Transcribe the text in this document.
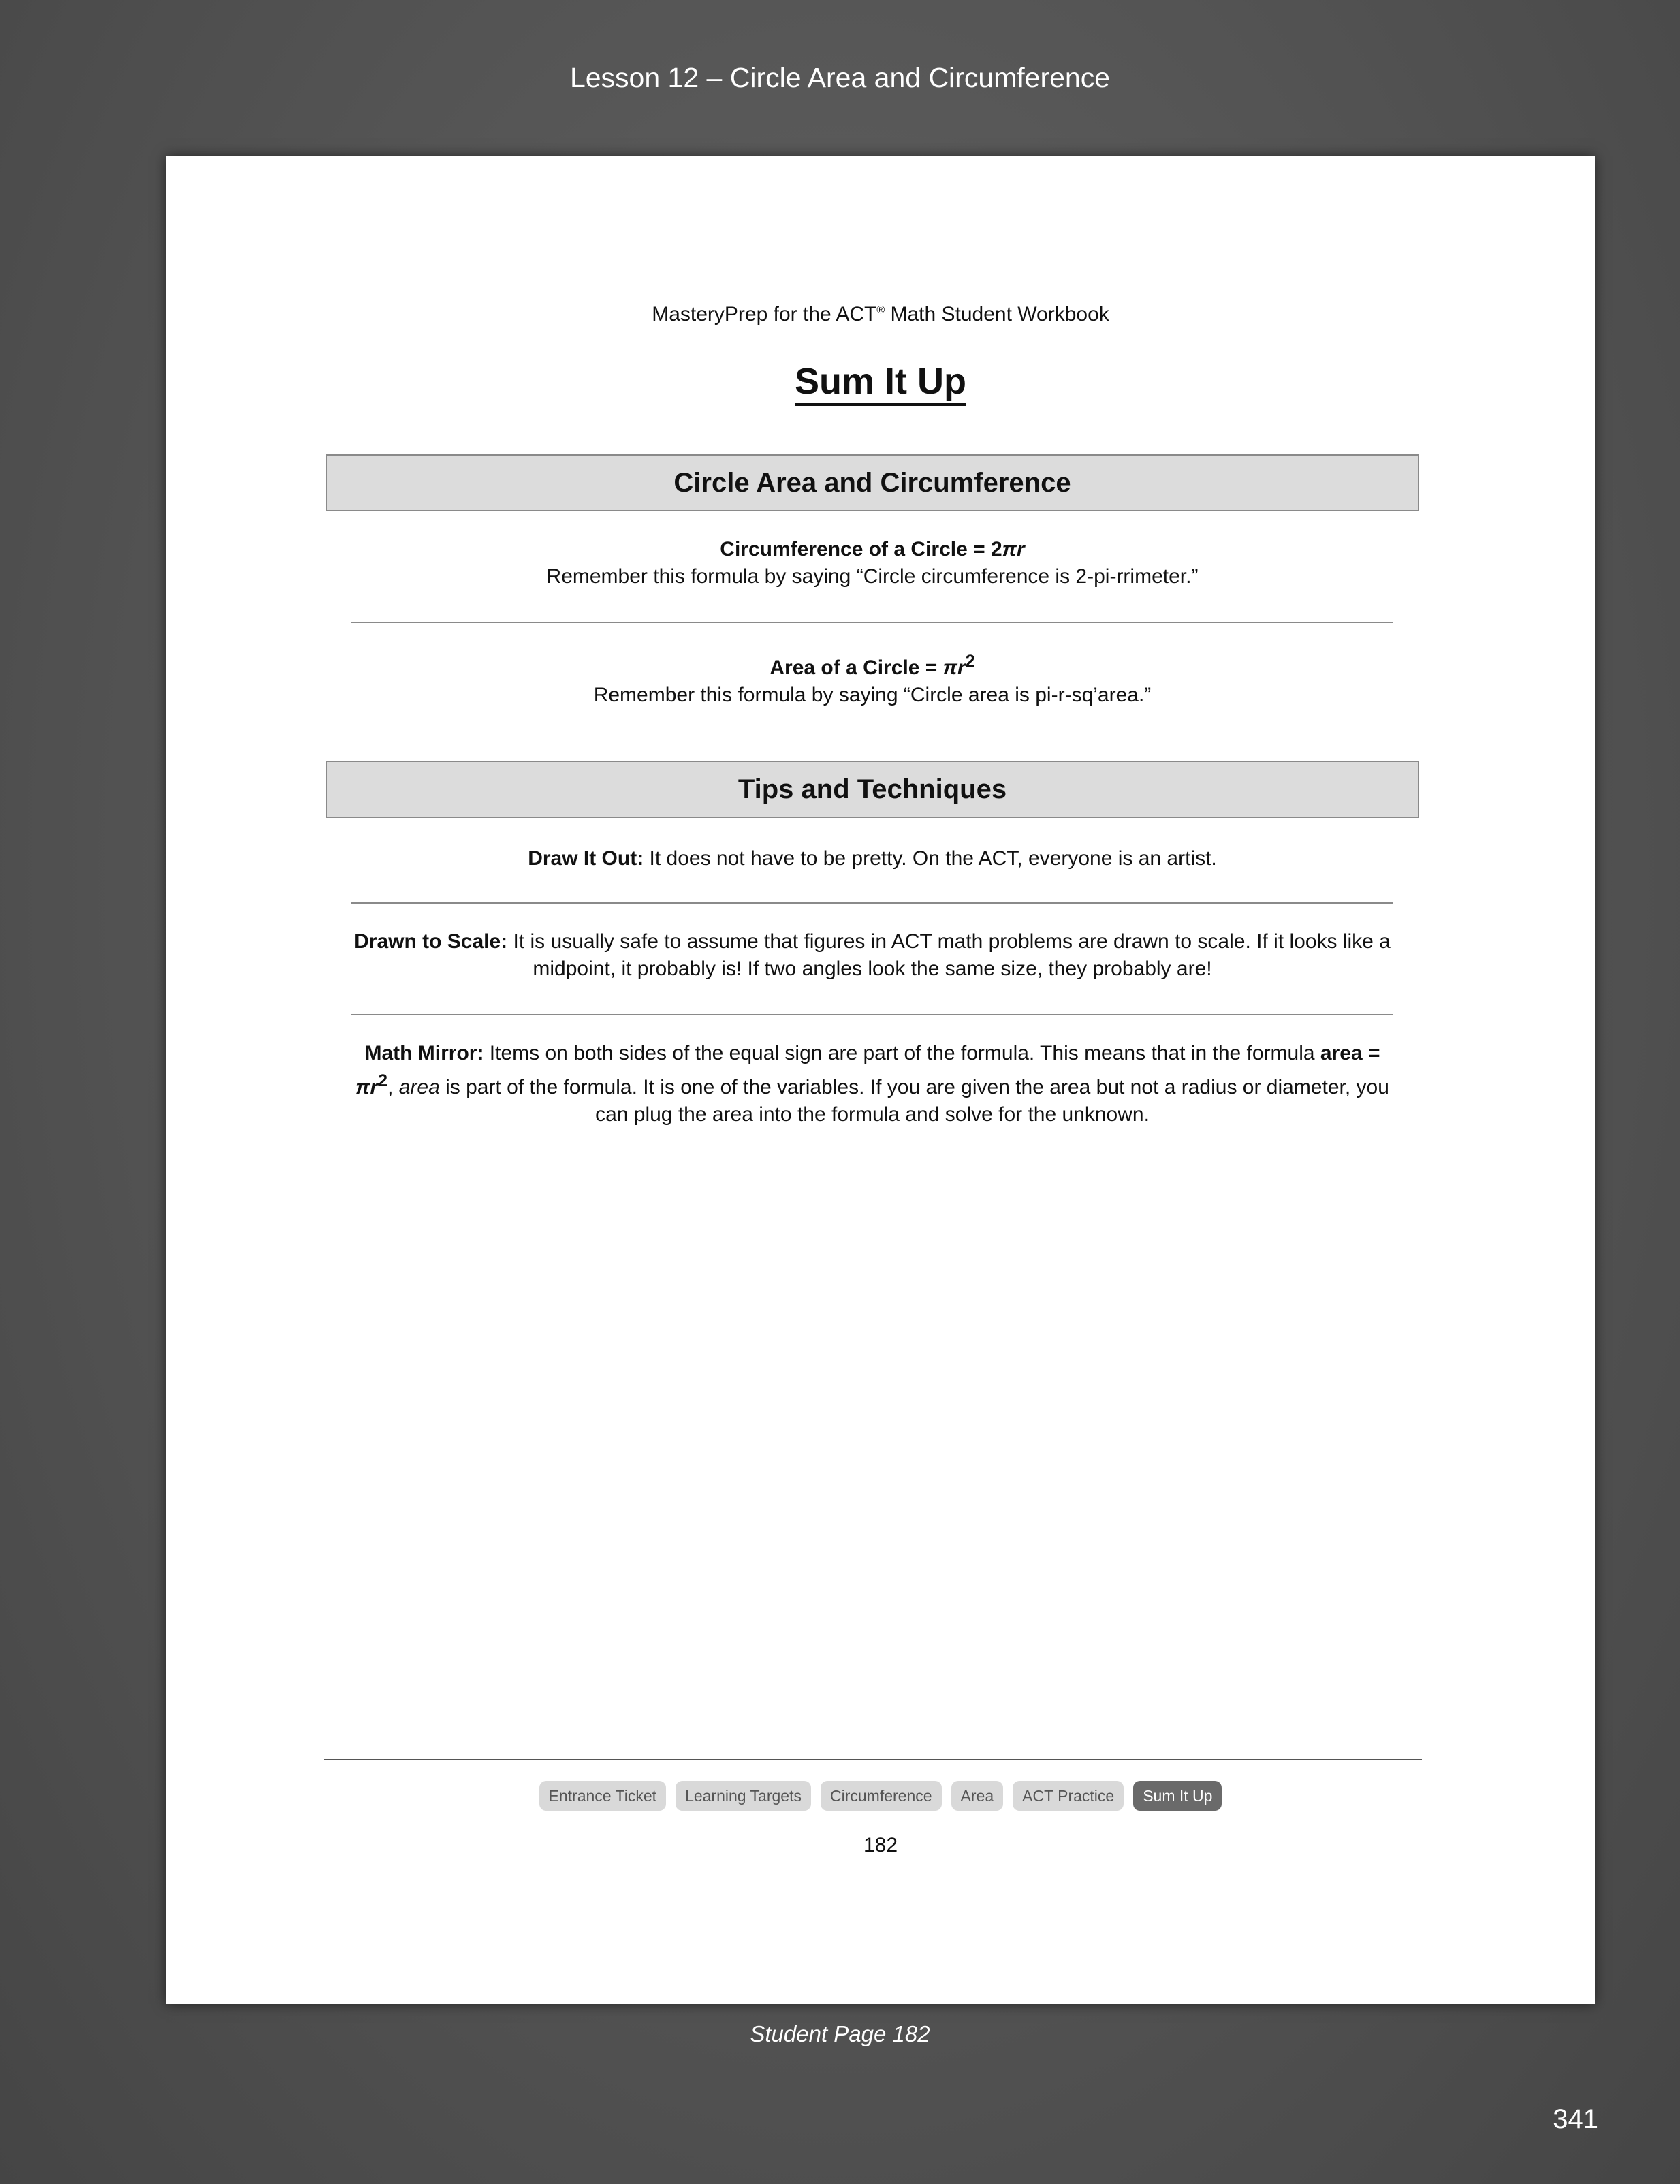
Lesson 12 – Circle Area and Circumference
MasteryPrep for the ACT® Math Student Workbook
Sum It Up
Circle Area and Circumference
Circumference of a Circle = 2πr
Remember this formula by saying “Circle circumference is 2-pi-rrimeter.”
Area of a Circle = $\pi r^2$
Remember this formula by saying “Circle area is pi-r-sq’area.”
Tips and Techniques
Draw It Out: It does not have to be pretty. On the ACT, everyone is an artist.
Drawn to Scale: It is usually safe to assume that figures in ACT math problems are drawn to scale. If it looks like a midpoint, it probably is! If two angles look the same size, they probably are!
Math Mirror: Items on both sides of the equal sign are part of the formula. This means that in the formula area = $\pi r^2$, area is part of the formula. It is one of the variables. If you are given the area but not a radius or diameter, you can plug the area into the formula and solve for the unknown.
Entrance Ticket Learning Targets Circumference Area ACT Practice Sum It Up
182
Student Page 182
341
